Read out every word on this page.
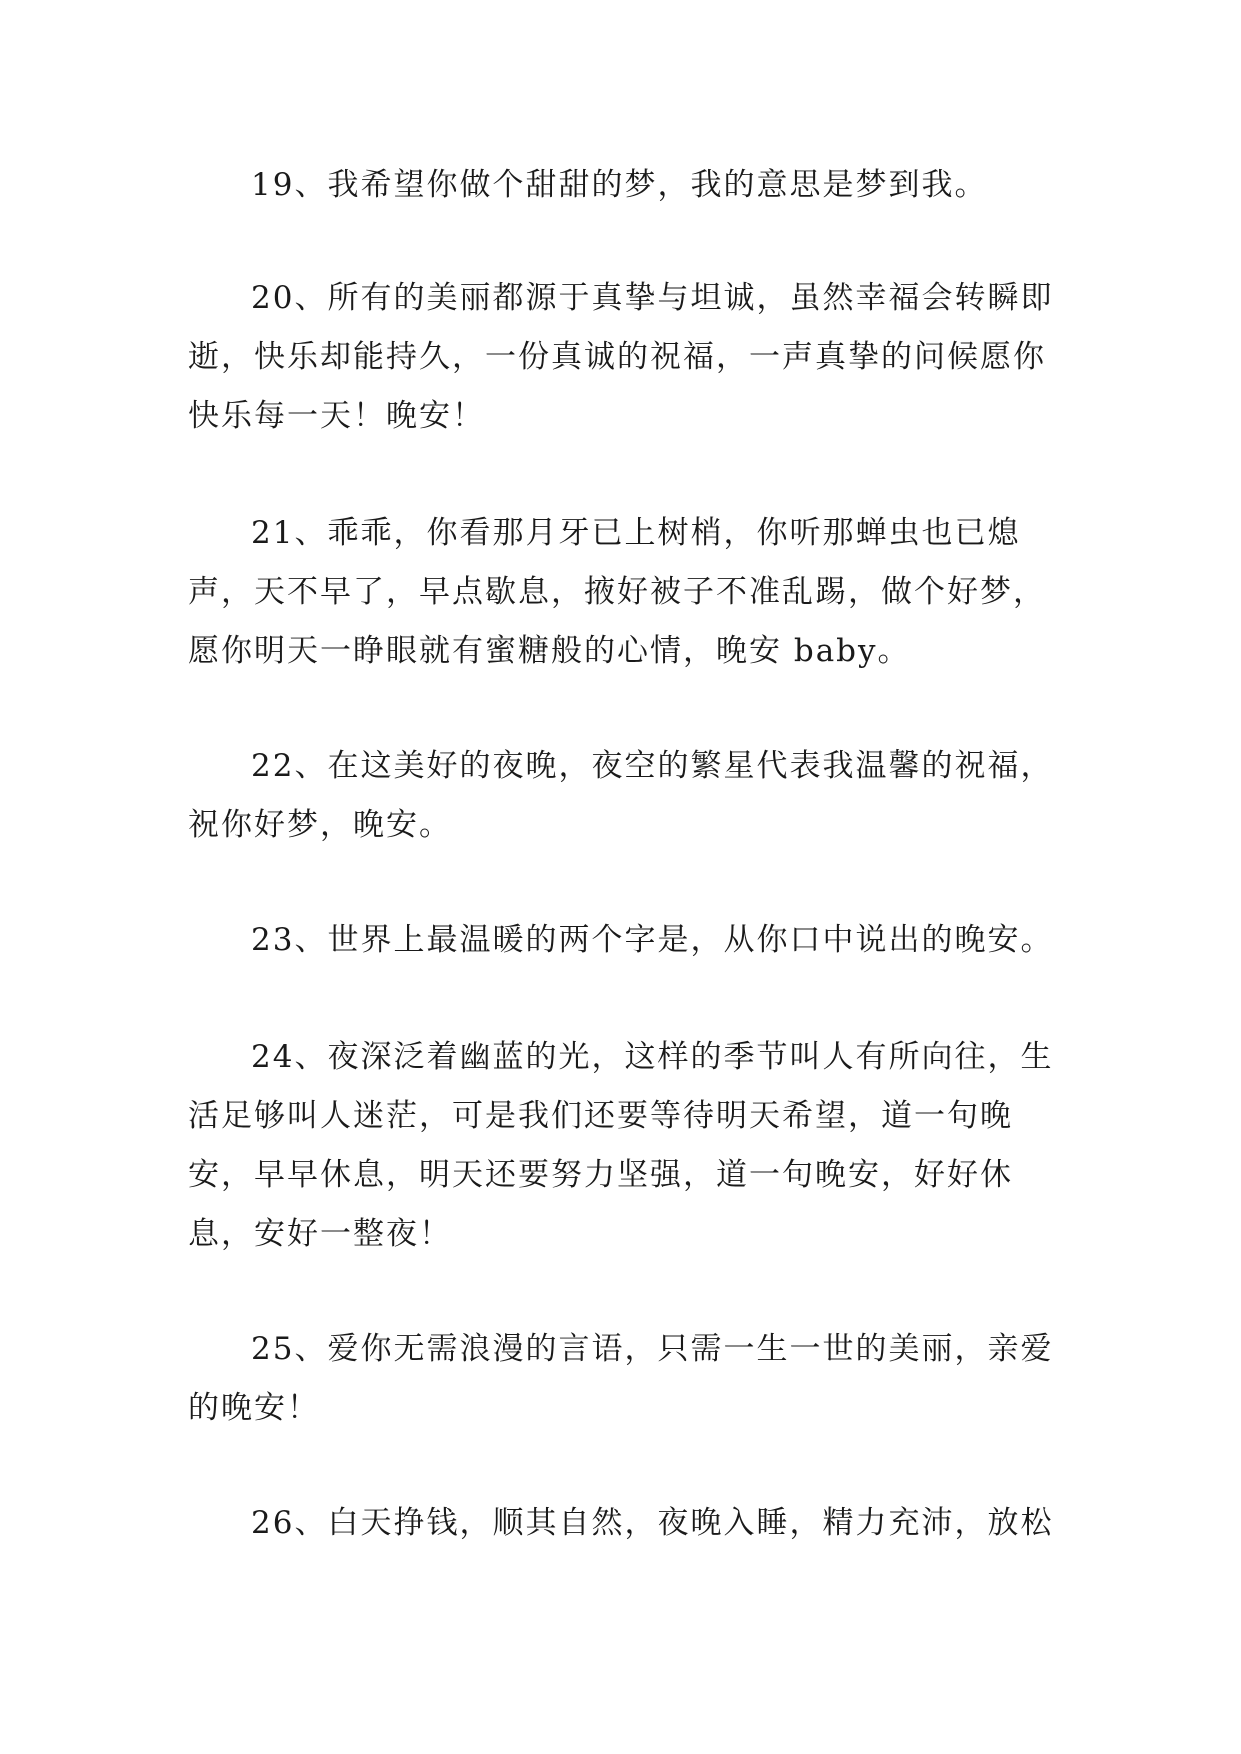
19、我希望你做个甜甜的梦，我的意思是梦到我。

20、所有的美丽都源于真挚与坦诚，虽然幸福会转瞬即逝，快乐却能持久，一份真诚的祝福，一声真挚的问候愿你快乐每一天！晚安！

21、乖乖，你看那月牙已上树梢，你听那蝉虫也已熄声，天不早了，早点歇息，掖好被子不准乱踢，做个好梦，愿你明天一睁眼就有蜜糖般的心情，晚安 baby。

22、在这美好的夜晚，夜空的繁星代表我温馨的祝福，祝你好梦，晚安。

23、世界上最温暖的两个字是，从你口中说出的晚安。

24、夜深泛着幽蓝的光，这样的季节叫人有所向往，生活足够叫人迷茫，可是我们还要等待明天希望，道一句晚安，早早休息，明天还要努力坚强，道一句晚安，好好休息，安好一整夜！

25、爱你无需浪漫的言语，只需一生一世的美丽，亲爱的晚安！

26、白天挣钱，顺其自然，夜晚入睡，精力充沛，放松
